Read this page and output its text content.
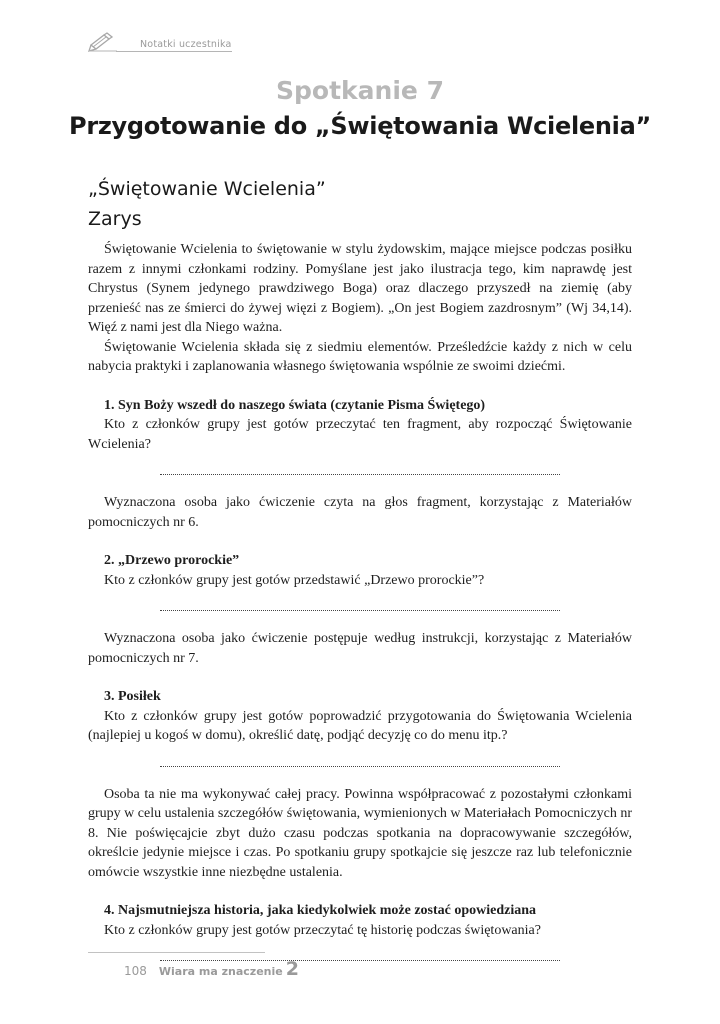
Notatki uczestnika
Spotkanie 7
Przygotowanie do „Świętowania Wcielenia”
„Świętowanie Wcielenia”
Zarys

Świętowanie Wcielenia to świętowanie w stylu żydowskim, mające miejsce podczas posiłku razem z innymi członkami rodziny. Pomyślane jest jako ilustracja tego, kim naprawdę jest Chrystus (Synem jedynego prawdziwego Boga) oraz dlaczego przyszedł na ziemię (aby przenieść nas ze śmierci do żywej więzi z Bogiem). „On jest Bogiem zazdrosnym” (Wj 34,14). Więź z nami jest dla Niego ważna.

Świętowanie Wcielenia składa się z siedmiu elementów. Prześledźcie każdy z nich w celu nabycia praktyki i zaplanowania własnego świętowania wspólnie ze swoimi dziećmi.

1. Syn Boży wszedł do naszego świata (czytanie Pisma Świętego)

Kto z członków grupy jest gotów przeczytać ten fragment, aby rozpocząć Świętowanie Wcielenia?

Wyznaczona osoba jako ćwiczenie czyta na głos fragment, korzystając z Materiałów pomocniczych nr 6.

2. „Drzewo prorockie”

Kto z członków grupy jest gotów przedstawić „Drzewo prorockie”?

Wyznaczona osoba jako ćwiczenie postępuje według instrukcji, korzystając z Materiałów pomocniczych nr 7.

3. Posiłek

Kto z członków grupy jest gotów poprowadzić przygotowania do Świętowania Wcielenia (najlepiej u kogoś w domu), określić datę, podjąć decyzję co do menu itp.?

Osoba ta nie ma wykonywać całej pracy. Powinna współpracować z pozostałymi członkami grupy w celu ustalenia szczegółów świętowania, wymienionych w Materiałach Pomocniczych nr 8. Nie poświęcajcie zbyt dużo czasu podczas spotkania na dopracowywanie szczegółów, określcie jedynie miejsce i czas. Po spotkaniu grupy spotkajcie się jeszcze raz lub telefonicznie omówcie wszystkie inne niezbędne ustalenia.

4. Najsmutniejsza historia, jaka kiedykolwiek może zostać opowiedziana

Kto z członków grupy jest gotów przeczytać tę historię podczas świętowania?

108 Wiara ma znaczenie 2
